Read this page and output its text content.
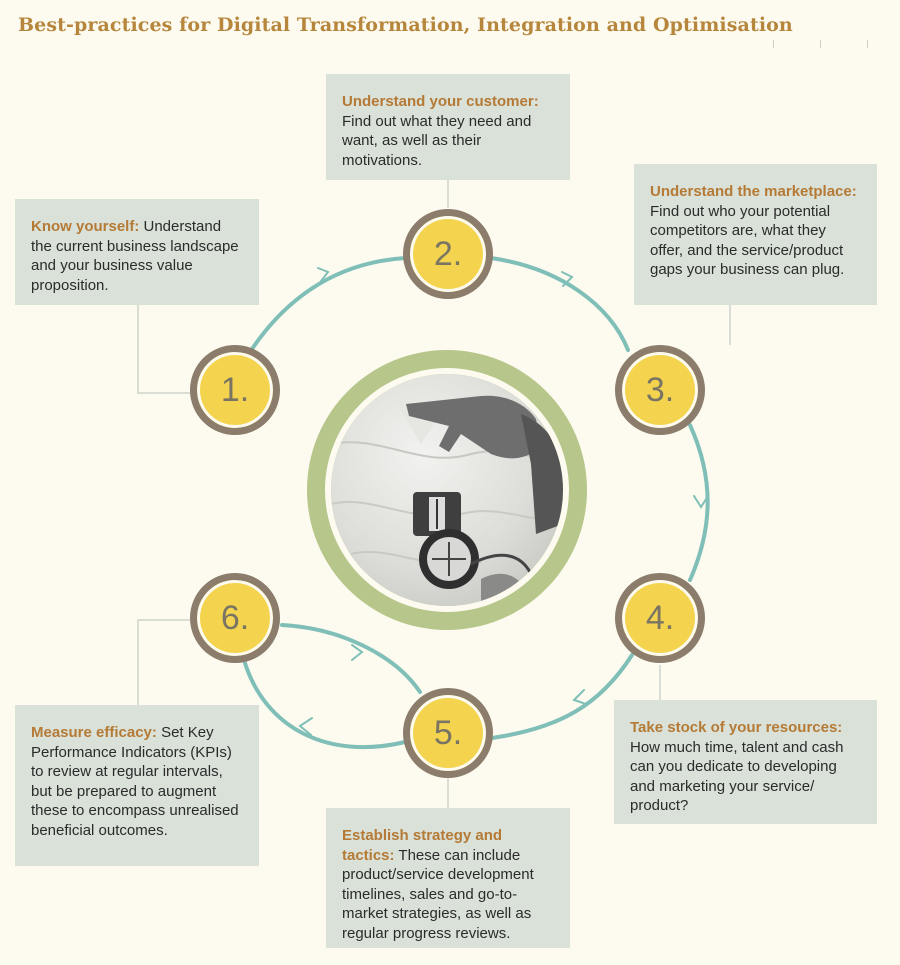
Best-practices for Digital Transformation, Integration and Optimisation
Know yourself: Understand the current business landscape and your business value proposition.
Understand your customer: Find out what they need and want, as well as their motivations.
Understand the marketplace: Find out who your potential competitors are, what they offer, and the service/product gaps your business can plug.
Take stock of your resources: How much time, talent and cash can you dedicate to developing and marketing your service/ product?
Establish strategy and tactics: These can include product/service development timelines, sales and go-to-market strategies, as well as regular progress reviews.
Measure efficacy: Set Key Performance Indicators (KPIs) to review at regular intervals, but be prepared to augment these to encompass unrealised beneficial outcomes.
1.
2.
3.
4.
5.
6.
